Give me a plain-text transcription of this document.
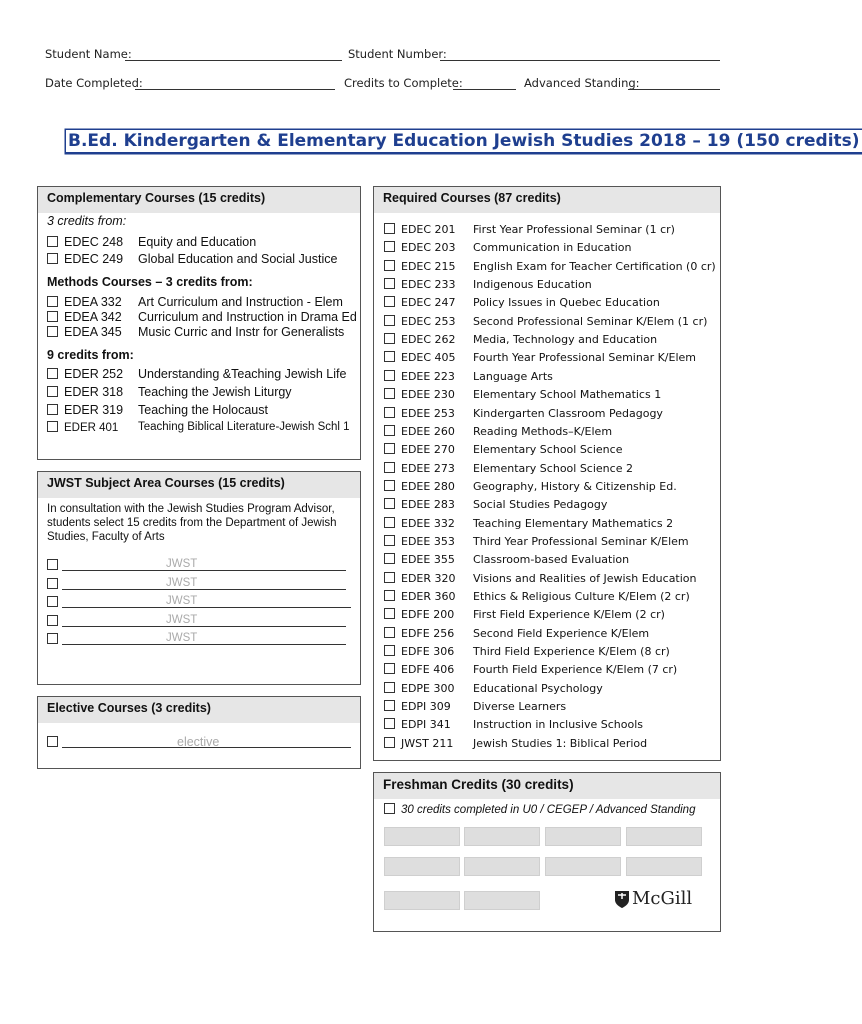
Student Name:	Student Number:
Date Completed:	Credits to Complete:	Advanced Standing:
B.Ed. Kindergarten & Elementary Education Jewish Studies 2018 – 19 (150 credits)
Complementary Courses (15 credits)
3 credits from:
EDEC 248 Equity and Education
EDEC 249 Global Education and Social Justice
Methods Courses – 3 credits from:
EDEA 332 Art Curriculum and Instruction - Elem
EDEA 342 Curriculum and Instruction in Drama Ed
EDEA 345 Music Curric and Instr for Generalists
9 credits from:
EDER 252 Understanding &Teaching Jewish Life
EDER 318 Teaching the Jewish Liturgy
EDER 319 Teaching the Holocaust
EDER 401 Teaching Biblical Literature-Jewish Schl 1
JWST Subject Area Courses (15 credits)
In consultation with the Jewish Studies Program Advisor,
students select 15 credits from the Department of Jewish
Studies, Faculty of Arts
JWST
JWST
JWST
JWST
JWST
Elective Courses (3 credits)
elective
Required Courses (87 credits)
EDEC 201 First Year Professional Seminar (1 cr)
EDEC 203 Communication in Education
EDEC 215 English Exam for Teacher Certification (0 cr)
EDEC 233 Indigenous Education
EDEC 247 Policy Issues in Quebec Education
EDEC 253 Second Professional Seminar K/Elem (1 cr)
EDEC 262 Media, Technology and Education
EDEC 405 Fourth Year Professional Seminar K/Elem
EDEE 223 Language Arts
EDEE 230 Elementary School Mathematics 1
EDEE 253 Kindergarten Classroom Pedagogy
EDEE 260 Reading Methods–K/Elem
EDEE 270 Elementary School Science
EDEE 273 Elementary School Science 2
EDEE 280 Geography, History & Citizenship Ed.
EDEE 283 Social Studies Pedagogy
EDEE 332 Teaching Elementary Mathematics 2
EDEE 353 Third Year Professional Seminar K/Elem
EDEE 355 Classroom-based Evaluation
EDER 320 Visions and Realities of Jewish Education
EDER 360 Ethics & Religious Culture K/Elem (2 cr)
EDFE 200 First Field Experience K/Elem (2 cr)
EDFE 256 Second Field Experience K/Elem
EDFE 306 Third Field Experience K/Elem (8 cr)
EDFE 406 Fourth Field Experience K/Elem (7 cr)
EDPE 300 Educational Psychology
EDPI 309 Diverse Learners
EDPI 341 Instruction in Inclusive Schools
JWST 211 Jewish Studies 1: Biblical Period
Freshman Credits (30 credits)
30 credits completed in U0 / CEGEP / Advanced Standing
McGill
